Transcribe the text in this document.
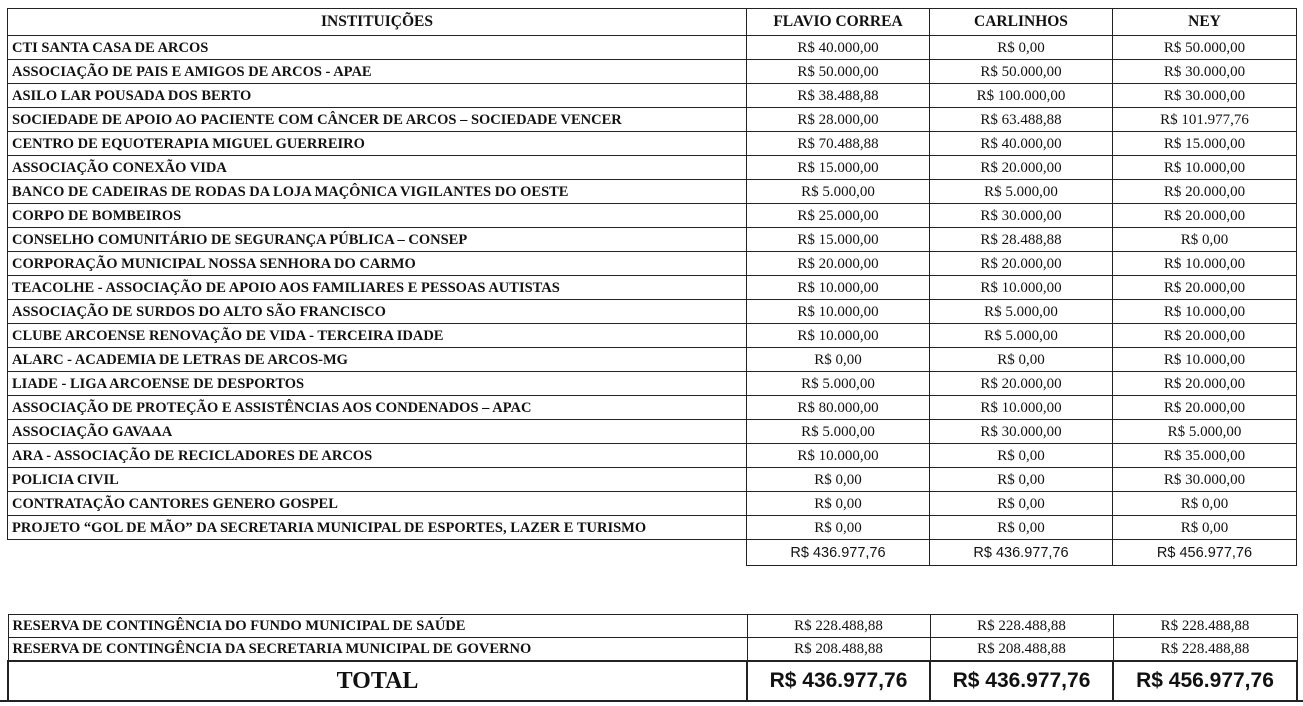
INSTITUIÇÕES	FLAVIO CORREA	CARLINHOS	NEY
CTI SANTA CASA DE ARCOS	R$ 40.000,00	R$ 0,00	R$ 50.000,00
ASSOCIAÇÃO DE PAIS E AMIGOS DE ARCOS - APAE	R$ 50.000,00	R$ 50.000,00	R$ 30.000,00
ASILO LAR POUSADA DOS BERTO	R$ 38.488,88	R$ 100.000,00	R$ 30.000,00
SOCIEDADE DE APOIO AO PACIENTE COM CÂNCER DE ARCOS – SOCIEDADE VENCER	R$ 28.000,00	R$ 63.488,88	R$ 101.977,76
CENTRO DE EQUOTERAPIA MIGUEL GUERREIRO	R$ 70.488,88	R$ 40.000,00	R$ 15.000,00
ASSOCIAÇÃO CONEXÃO VIDA	R$ 15.000,00	R$ 20.000,00	R$ 10.000,00
BANCO DE CADEIRAS DE RODAS DA LOJA MAÇÔNICA VIGILANTES DO OESTE	R$ 5.000,00	R$ 5.000,00	R$ 20.000,00
CORPO DE BOMBEIROS	R$ 25.000,00	R$ 30.000,00	R$ 20.000,00
CONSELHO COMUNITÁRIO DE SEGURANÇA PÚBLICA – CONSEP	R$ 15.000,00	R$ 28.488,88	R$ 0,00
CORPORAÇÃO MUNICIPAL NOSSA SENHORA DO CARMO	R$ 20.000,00	R$ 20.000,00	R$ 10.000,00
TEACOLHE - ASSOCIAÇÃO DE APOIO AOS FAMILIARES E PESSOAS AUTISTAS	R$ 10.000,00	R$ 10.000,00	R$ 20.000,00
ASSOCIAÇÃO DE SURDOS DO ALTO SÃO FRANCISCO	R$ 10.000,00	R$ 5.000,00	R$ 10.000,00
CLUBE ARCOENSE RENOVAÇÃO DE VIDA - TERCEIRA IDADE	R$ 10.000,00	R$ 5.000,00	R$ 20.000,00
ALARC - ACADEMIA DE LETRAS DE ARCOS-MG	R$ 0,00	R$ 0,00	R$ 10.000,00
LIADE - LIGA ARCOENSE DE DESPORTOS	R$ 5.000,00	R$ 20.000,00	R$ 20.000,00
ASSOCIAÇÃO DE PROTEÇÃO E ASSISTÊNCIAS AOS CONDENADOS – APAC	R$ 80.000,00	R$ 10.000,00	R$ 20.000,00
ASSOCIAÇÃO GAVAAA	R$ 5.000,00	R$ 30.000,00	R$ 5.000,00
ARA - ASSOCIAÇÃO DE RECICLADORES DE ARCOS	R$ 10.000,00	R$ 0,00	R$ 35.000,00
POLICIA CIVIL	R$ 0,00	R$ 0,00	R$ 30.000,00
CONTRATAÇÃO CANTORES GENERO GOSPEL	R$ 0,00	R$ 0,00	R$ 0,00
PROJETO “GOL DE MÃO” DA SECRETARIA MUNICIPAL DE ESPORTES, LAZER E TURISMO	R$ 0,00	R$ 0,00	R$ 0,00
	R$ 436.977,76	R$ 436.977,76	R$ 456.977,76
RESERVA DE CONTINGÊNCIA DO FUNDO MUNICIPAL DE SAÚDE	R$ 228.488,88	R$ 228.488,88	R$ 228.488,88
RESERVA DE CONTINGÊNCIA DA SECRETARIA MUNICIPAL DE GOVERNO	R$ 208.488,88	R$ 208.488,88	R$ 228.488,88
TOTAL	R$ 436.977,76	R$ 436.977,76	R$ 456.977,76
